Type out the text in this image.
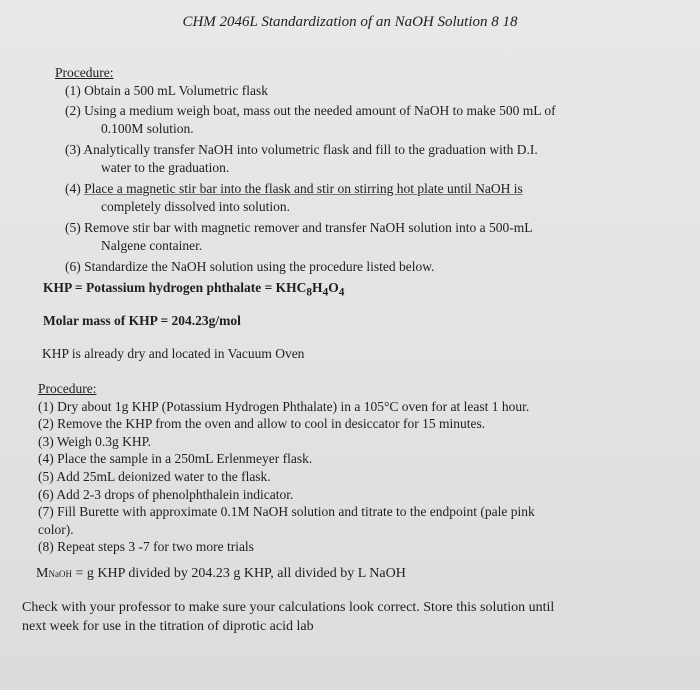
CHM 2046L Standardization of an NaOH Solution 8 18
Procedure:
(1) Obtain a 500 mL Volumetric flask
(2) Using a medium weigh boat, mass out the needed amount of NaOH to make 500 mL of
0.100M solution.
(3) Analytically transfer NaOH into volumetric flask and fill to the graduation with D.I.
water to the graduation.
(4) Place a magnetic stir bar into the flask and stir on stirring hot plate until NaOH is
completely dissolved into solution.
(5) Remove stir bar with magnetic remover and transfer NaOH solution into a 500-mL
Nalgene container.
(6) Standardize the NaOH solution using the procedure listed below.
KHP = Potassium hydrogen phthalate = $KHC_8H_4O_4$
Molar mass of KHP = 204.23g/mol
KHP is already dry and located in Vacuum Oven
Procedure:
(1) Dry about 1g KHP (Potassium Hydrogen Phthalate) in a 105°C oven for at least 1 hour.
(2) Remove the KHP from the oven and allow to cool in desiccator for 15 minutes.
(3) Weigh 0.3g KHP.
(4) Place the sample in a 250mL Erlenmeyer flask.
(5) Add 25mL deionized water to the flask.
(6) Add 2-3 drops of phenolphthalein indicator.
(7) Fill Burette with approximate 0.1M NaOH solution and titrate to the endpoint (pale pink
color).
(8) Repeat steps 3 -7 for two more trials
MNaOH = g KHP divided by 204.23 g KHP, all divided by L NaOH
Check with your professor to make sure your calculations look correct. Store this solution until
next week for use in the titration of diprotic acid lab
